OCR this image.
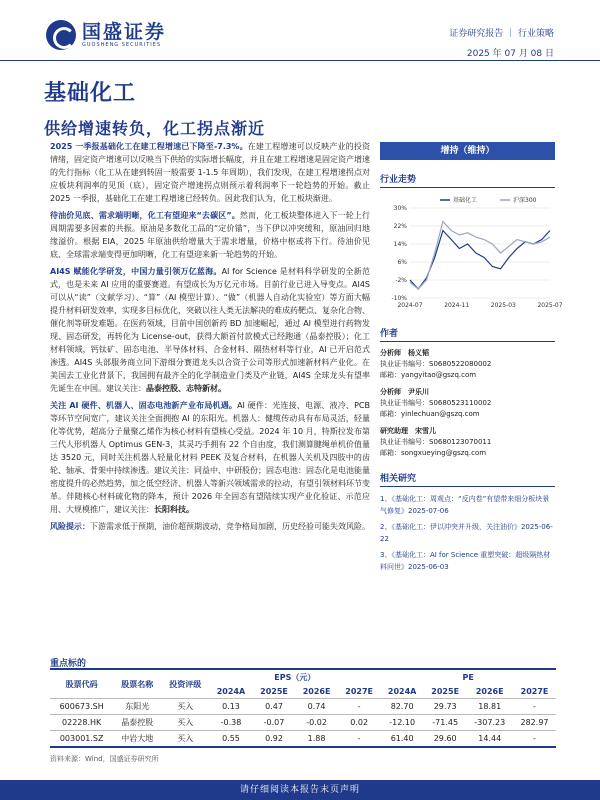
国盛证券
GUOSHENG SECURITIES
证券研究报告 ｜ 行业策略
2025 年 07 月 08 日
基础化工
供给增速转负，化工拐点渐近

2025 一季报基础化工在建工程增速已下降至-7.3%。在建工程增速可以反映产业的投资情绪，固定资产增速可以反映当下供给的实际增长幅度，并且在建工程增速是固定资产增速的先行指标（化工从在建到转固一般需要 1-1.5 年周期），我们发现，在建工程增速拐点对应板块利润率的见顶（底），固定资产增速拐点则预示着利润率下一轮趋势的开始。截止 2025 一季报，基础化工在建工程增速已经转负。因此我们认为，化工板块渐进。

待油价见底、需求端明晰，化工有望迎来“去碳区”。然而，化工板块整体进入下一轮上行周期需要多因素的共振。原油是多数化工品的“定价锚”，当下伊以冲突缓和，原油回归地缘溢价。根据 EIA，2025 年原油供给增量大于需求增量，价格中枢或将下行。待油价见底、全球需求端变得更加明晰，化工有望迎来新一轮趋势的开始。

AI4S 赋能化学研发，中国力量引领万亿蓝海。AI for Science 是材料科学研发的全新范式，也是未来 AI 应用的重要赛道。有望成长为万亿元市场。目前行业已进入导变点。AI4S 可以从“读”（文献学习）、“算”（AI 模型计算）、“做”（机器人自动化实验室）等方面大幅提升材料研发效率，实现多目标优化，突破以往人类无法解决的难成药靶点、复杂化合物、催化剂等研发难题。在医药领域，目前中国创新药 BD 加速崛起，通过 AI 模型进行药物发现、固态研发，再转化为 License-out，获得大额首付款模式已经跑通（晶泰控股）；化工材料领域，钙钛矿、固态电池、半导体材料、合金材料、隔热材料等行业，AI 已开启范式渗透。AI4S 头部服务商立同下游细分赛道龙头以合资子公司等形式加速新材料产业化。在美国去工业化背景下，我国拥有最齐全的化学制造业门类及产业链，AI4S 全球龙头有望率先诞生在中国。建议关注：晶泰控股、志特新材。

关注 AI 硬件、机器人、固态电池新产业布局机遇。AI 硬件：光连接、电源、液冷、PCB 等环节空间宽广，建议关注全面拥抱 AI 的东阳光。机器人：健缆传动具有布局灵活，轻量化等优势，超高分子量聚乙烯作为核心材料有望核心受益。2024 年 10 月，特斯拉发布第三代人形机器人 Optimus GEN-3，其灵巧手拥有 22 个自由度，我们测算腱绳单机价值量达 3520 元，同时关注机器人轻量化材料 PEEK 及复合材料，在机器人关机及四肢中的齿轮、轴承、骨架中持续渗透。建议关注：同益中、中研股份；固态电池：固态化是电池能量密度提升的必然趋势，加之低空经济、机器人等新兴领域需求的拉动，有望引领材料环节变革。伴随核心材料硫化物的降本，预计 2026 年全固态有望陆续实现产业化验证、示范应用、大规模推广，建议关注：长阳科技。

风险提示：下游需求低于预期，油价超预期波动，竞争格局加剧，历史经验可能失效风险。

增持（维持）
行业走势
-10%
-2%
6%
14%
22%
30%
2024-07	2024-11	2025-03	2025-07
基础化工	沪深300
作者
分析师　 杨义韬
执业证书编号：S0680522080002
邮箱：yangyitao@gszq.com
分析师　 尹乐川
执业证书编号：S0680523110002
邮箱：yinlechuan@gszq.com
研究助理　 宋雪儿
执业证书编号：S0680123070011
邮箱：songxueying@gszq.com
相关研究
1、《基础化工：周观点：“反内卷”有望带来细分板块景气修复》2025-07-06
2、《基础化工：伊以冲突并升级，关注油价》2025-06-22
3、《基础化工：AI for Science 重塑突破：超级隔热材料问世》2025-06-03
重点标的
股票代码	股票名称	投资评级	EPS（元）				PE			
			2024A	2025E	2026E	2027E	2024A	2025E	2026E	2027E
600673.SH	东阳光	买入	0.13	0.47	0.74	-	82.70	29.73	18.81	-
02228.HK	晶泰控股	买入	-0.38	-0.07	-0.02	0.02	-12.10	-71.45	-307.23	282.97
003001.SZ	中岩大地	买入	0.55	0.92	1.88	-	61.40	29.60	14.44	-
资料来源：Wind，国盛证券研究所
请仔细阅读本报告末页声明
